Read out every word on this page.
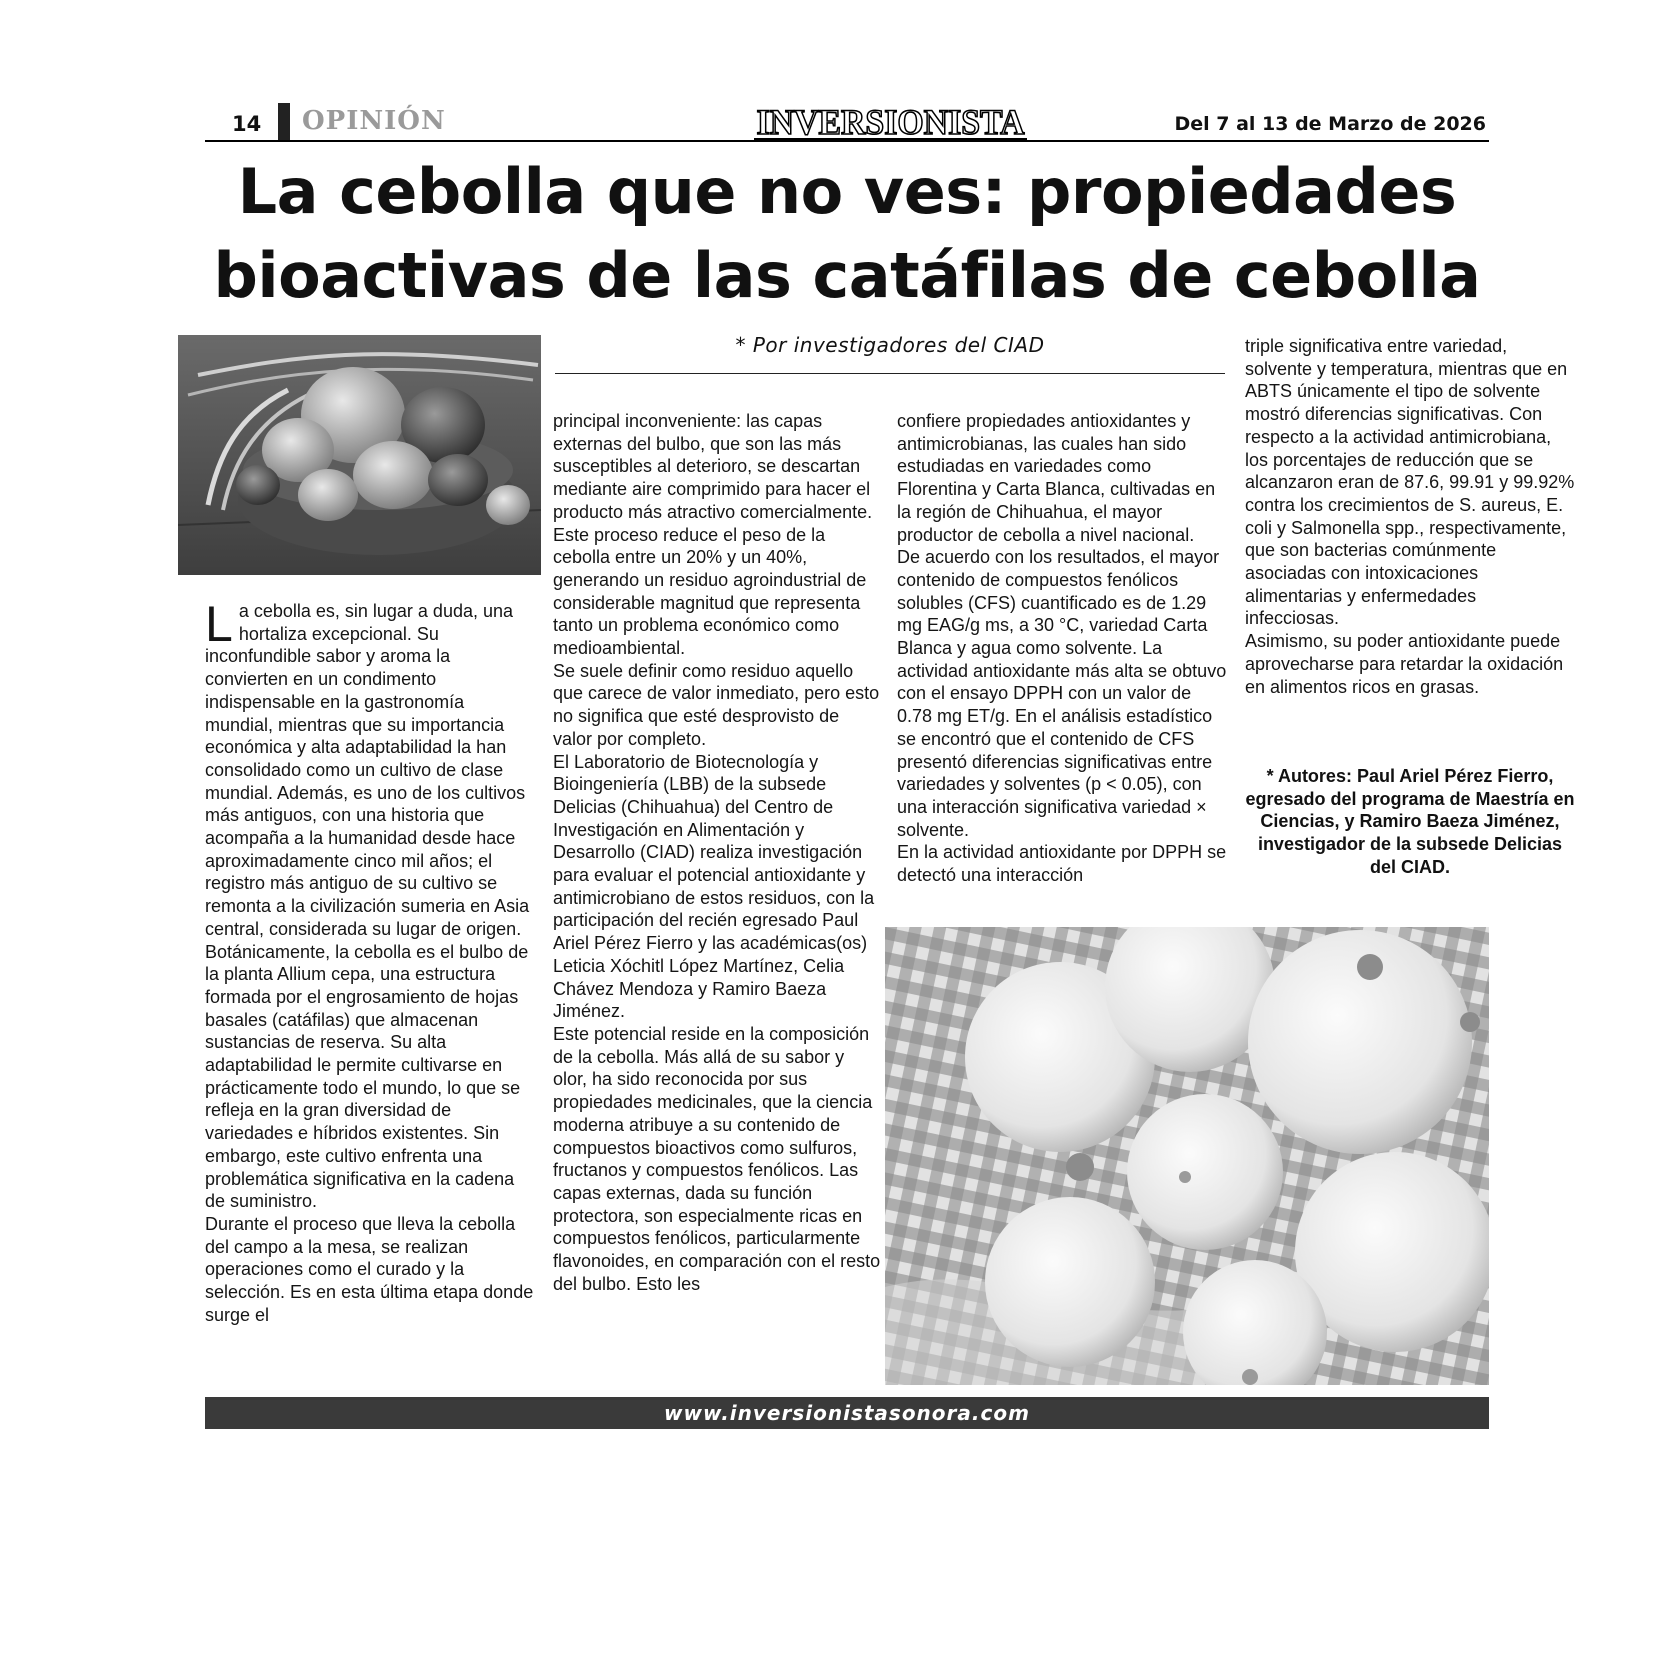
14 OPINIÓN	INVERSIONISTA	Del 7 al 13 de Marzo de 2026
La cebolla que no ves: propiedades
bioactivas de las catáfilas de cebolla
* Por investigadores del CIAD

La cebolla es, sin lugar a duda, una hortaliza excepcional. Su inconfundible sabor y aroma la convierten en un condimento indispensable en la gastronomía mundial, mientras que su importancia económica y alta adaptabilidad la han consolidado como un cultivo de clase mundial. Además, es uno de los cultivos más antiguos, con una historia que acompaña a la humanidad desde hace aproximadamente cinco mil años; el registro más antiguo de su cultivo se remonta a la civilización sumeria en Asia central, considerada su lugar de origen.

Botánicamente, la cebolla es el bulbo de la planta Allium cepa, una estructura formada por el engrosamiento de hojas basales (catáfilas) que almacenan sustancias de reserva. Su alta adaptabilidad le permite cultivarse en prácticamente todo el mundo, lo que se refleja en la gran diversidad de variedades e híbridos existentes. Sin embargo, este cultivo enfrenta una problemática significativa en la cadena de suministro.

Durante el proceso que lleva la cebolla del campo a la mesa, se realizan operaciones como el curado y la selección. Es en esta última etapa donde surge el

principal inconveniente: las capas externas del bulbo, que son las más susceptibles al deterioro, se descartan mediante aire comprimido para hacer el producto más atractivo comercialmente.

Este proceso reduce el peso de la cebolla entre un 20% y un 40%, generando un residuo agroindustrial de considerable magnitud que representa tanto un problema económico como medioambiental.

Se suele definir como residuo aquello que carece de valor inmediato, pero esto no significa que esté desprovisto de valor por completo.

El Laboratorio de Biotecnología y Bioingeniería (LBB) de la subsede Delicias (Chihuahua) del Centro de Investigación en Alimentación y Desarrollo (CIAD) realiza investigación para evaluar el potencial antioxidante y antimicrobiano de estos residuos, con la participación del recién egresado Paul Ariel Pérez Fierro y las académicas(os) Leticia Xóchitl López Martínez, Celia Chávez Mendoza y Ramiro Baeza Jiménez.

Este potencial reside en la composición de la cebolla. Más allá de su sabor y olor, ha sido reconocida por sus propiedades medicinales, que la ciencia moderna atribuye a su contenido de compuestos bioactivos como sulfuros, fructanos y compuestos fenólicos. Las capas externas, dada su función protectora, son especialmente ricas en compuestos fenólicos, particularmente flavonoides, en comparación con el resto del bulbo. Esto les

confiere propiedades antioxidantes y antimicrobianas, las cuales han sido estudiadas en variedades como Florentina y Carta Blanca, cultivadas en la región de Chihuahua, el mayor productor de cebolla a nivel nacional.

De acuerdo con los resultados, el mayor contenido de compuestos fenólicos solubles (CFS) cuantificado es de 1.29 mg EAG/g ms, a 30 °C, variedad Carta Blanca y agua como solvente. La actividad antioxidante más alta se obtuvo con el ensayo DPPH con un valor de 0.78 mg ET/g. En el análisis estadístico se encontró que el contenido de CFS presentó diferencias significativas entre variedades y solventes (p < 0.05), con una interacción significativa variedad × solvente.

En la actividad antioxidante por DPPH se detectó una interacción

triple significativa entre variedad, solvente y temperatura, mientras que en ABTS únicamente el tipo de solvente mostró diferencias significativas. Con respecto a la actividad antimicrobiana, los porcentajes de reducción que se alcanzaron eran de 87.6, 99.91 y 99.92% contra los crecimientos de S. aureus, E. coli y Salmonella spp., respectivamente, que son bacterias comúnmente asociadas con intoxicaciones alimentarias y enfermedades infecciosas.

Asimismo, su poder antioxidante puede aprovecharse para retardar la oxidación en alimentos ricos en grasas.

* Autores: Paul Ariel Pérez Fierro, egresado del programa de Maestría en Ciencias, y Ramiro Baeza Jiménez, investigador de la subsede Delicias del CIAD.
www.inversionistasonora.com
